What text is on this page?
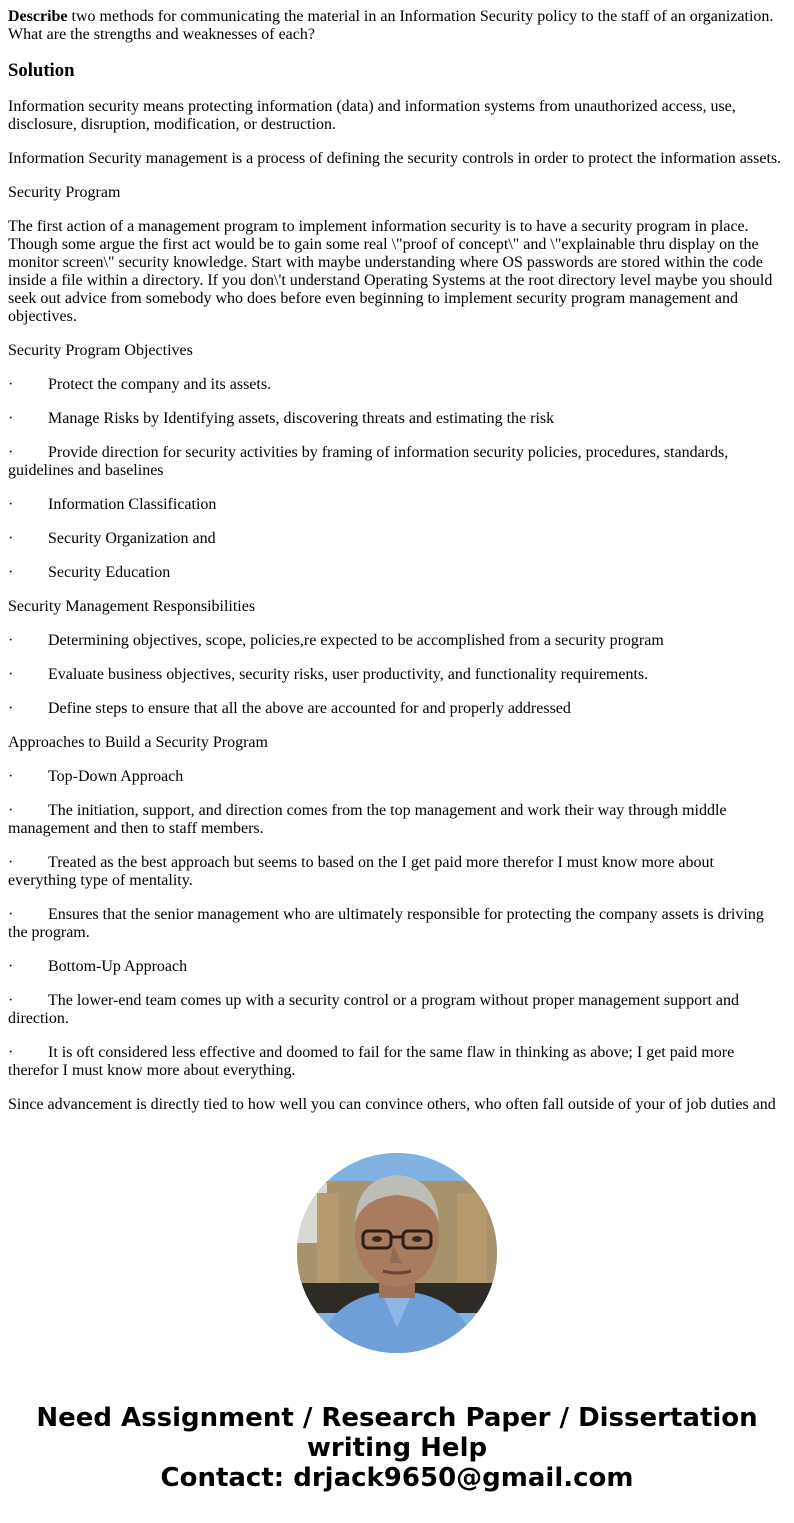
Describe two methods for communicating the material in an Information Security policy to the staff of an organization. What are the strengths and weaknesses of each?

Solution

Information security means protecting information (data) and information systems from unauthorized access, use, disclosure, disruption, modification, or destruction.

Information Security management is a process of defining the security controls in order to protect the information assets.

Security Program

The first action of a management program to implement information security is to have a security program in place. Though some argue the first act would be to gain some real \"proof of concept\" and \"explainable thru display on the monitor screen\" security knowledge. Start with maybe understanding where OS passwords are stored within the code inside a file within a directory. If you don\'t understand Operating Systems at the root directory level maybe you should seek out advice from somebody who does before even beginning to implement security program management and objectives.

Security Program Objectives

· Protect the company and its assets.

· Manage Risks by Identifying assets, discovering threats and estimating the risk

· Provide direction for security activities by framing of information security policies, procedures, standards, guidelines and baselines

· Information Classification

· Security Organization and

· Security Education

Security Management Responsibilities

· Determining objectives, scope, policies,re expected to be accomplished from a security program

· Evaluate business objectives, security risks, user productivity, and functionality requirements.

· Define steps to ensure that all the above are accounted for and properly addressed

Approaches to Build a Security Program

· Top-Down Approach

· The initiation, support, and direction comes from the top management and work their way through middle management and then to staff members.

· Treated as the best approach but seems to based on the I get paid more therefor I must know more about everything type of mentality.

· Ensures that the senior management who are ultimately responsible for protecting the company assets is driving the program.

· Bottom-Up Approach

· The lower-end team comes up with a security control or a program without proper management support and direction.

· It is oft considered less effective and doomed to fail for the same flaw in thinking as above; I get paid more therefor I must know more about everything.

Since advancement is directly tied to how well you can convince others, who often fall outside of your of job duties and

Need Assignment / Research Paper / Dissertation writing Help
Contact: drjack9650@gmail.com
